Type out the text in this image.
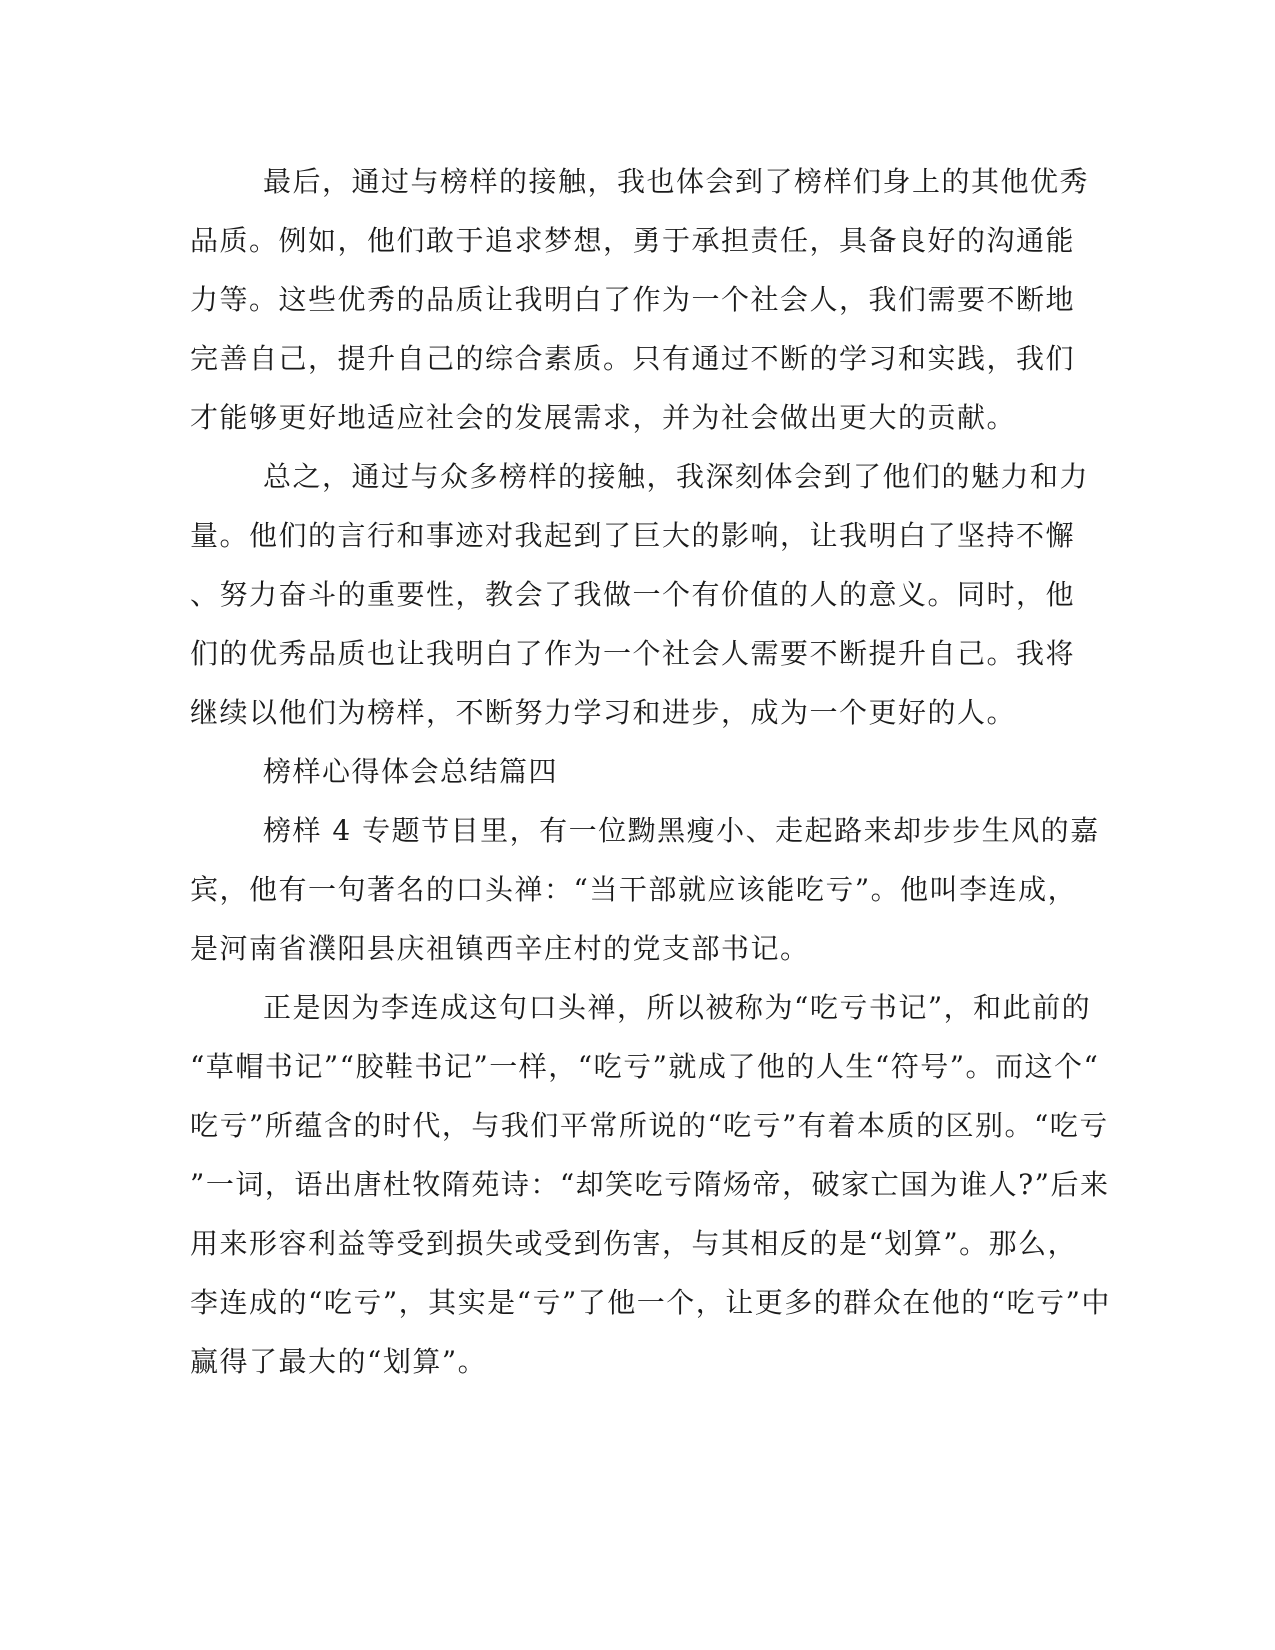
最后，通过与榜样的接触，我也体会到了榜样们身上的其他优秀
品质。例如，他们敢于追求梦想，勇于承担责任，具备良好的沟通能
力等。这些优秀的品质让我明白了作为一个社会人，我们需要不断地
完善自己，提升自己的综合素质。只有通过不断的学习和实践，我们
才能够更好地适应社会的发展需求，并为社会做出更大的贡献。
总之，通过与众多榜样的接触，我深刻体会到了他们的魅力和力
量。他们的言行和事迹对我起到了巨大的影响，让我明白了坚持不懈
、努力奋斗的重要性，教会了我做一个有价值的人的意义。同时，他
们的优秀品质也让我明白了作为一个社会人需要不断提升自己。我将
继续以他们为榜样，不断努力学习和进步，成为一个更好的人。
榜样心得体会总结篇四
榜样 4 专题节目里，有一位黝黑瘦小、走起路来却步步生风的嘉
宾，他有一句著名的口头禅：“当干部就应该能吃亏”。他叫李连成，
是河南省濮阳县庆祖镇西辛庄村的党支部书记。
正是因为李连成这句口头禅，所以被称为“吃亏书记”，和此前的
“草帽书记”“胶鞋书记”一样，“吃亏”就成了他的人生“符号”。而这个“
吃亏”所蕴含的时代，与我们平常所说的“吃亏”有着本质的区别。“吃亏
”一词，语出唐杜牧隋苑诗：“却笑吃亏隋炀帝，破家亡国为谁人?”后来
用来形容利益等受到损失或受到伤害，与其相反的是“划算”。那么，
李连成的“吃亏”，其实是“亏”了他一个，让更多的群众在他的“吃亏”中
赢得了最大的“划算”。
